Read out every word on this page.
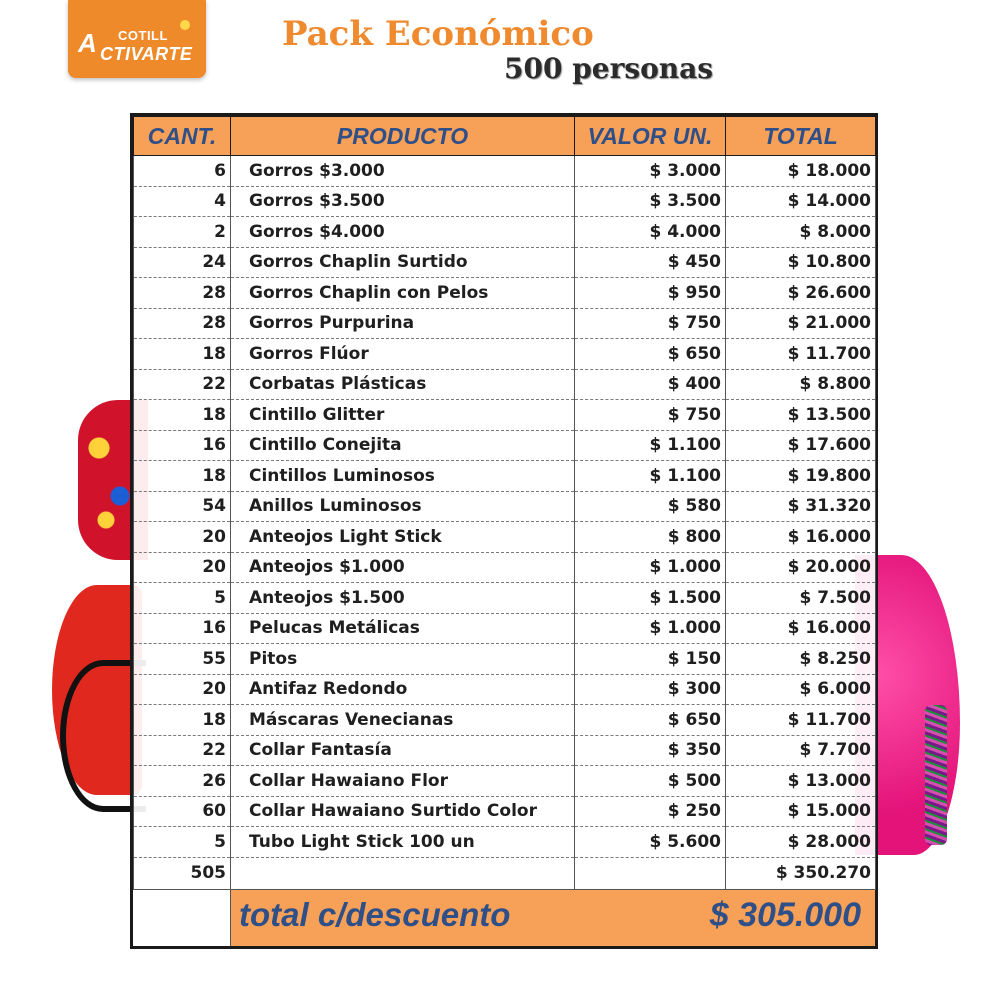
A COTILL
CTIVARTE	Pack Económico
500 personas
CANT.	PRODUCTO	VALOR UN.	TOTAL
6	Gorros $3.000	$ 3.000	$ 18.000
4	Gorros $3.500	$ 3.500	$ 14.000
2	Gorros $4.000	$ 4.000	$ 8.000
24	Gorros Chaplin Surtido	$ 450	$ 10.800
28	Gorros Chaplin con Pelos	$ 950	$ 26.600
28	Gorros Purpurina	$ 750	$ 21.000
18	Gorros Flúor	$ 650	$ 11.700
22	Corbatas Plásticas	$ 400	$ 8.800
18	Cintillo Glitter	$ 750	$ 13.500
16	Cintillo Conejita	$ 1.100	$ 17.600
18	Cintillos Luminosos	$ 1.100	$ 19.800
54	Anillos Luminosos	$ 580	$ 31.320
20	Anteojos Light Stick	$ 800	$ 16.000
20	Anteojos $1.000	$ 1.000	$ 20.000
5	Anteojos $1.500	$ 1.500	$ 7.500
16	Pelucas Metálicas	$ 1.000	$ 16.000
55	Pitos	$ 150	$ 8.250
20	Antifaz Redondo	$ 300	$ 6.000
18	Máscaras Venecianas	$ 650	$ 11.700
22	Collar Fantasía	$ 350	$ 7.700
26	Collar Hawaiano Flor	$ 500	$ 13.000
60	Collar Hawaiano Surtido Color	$ 250	$ 15.000
5	Tubo Light Stick 100 un	$ 5.600	$ 28.000
505			$ 350.270
total c/descuento	$ 305.000
